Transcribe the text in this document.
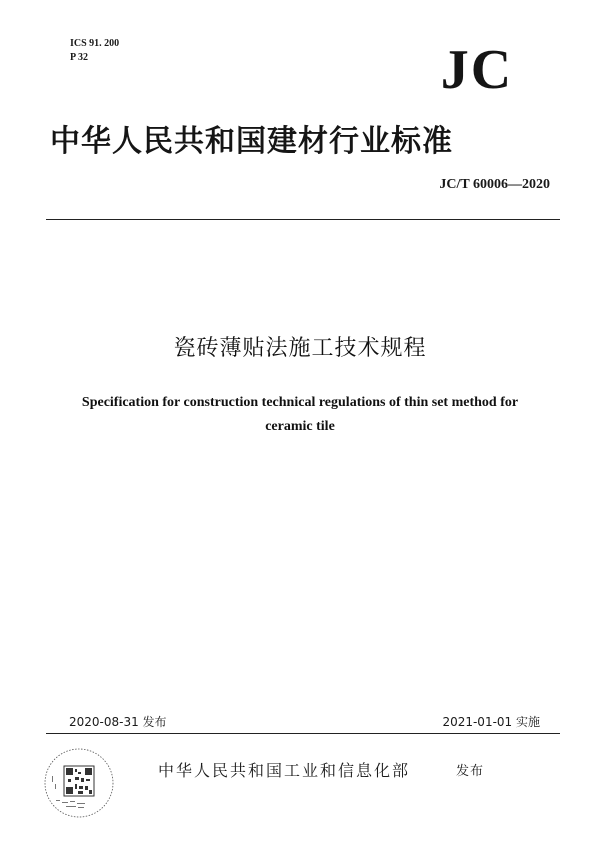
ICS 91. 200
P 32	JC
中华人民共和国建材行业标准
JC/T 60006—2020
瓷砖薄贴法施工技术规程
Specification for construction technical regulations of thin set method for ceramic tile
2020-08-31 发布	2021-01-01 实施
中华人民共和国工业和信息化部	发布
